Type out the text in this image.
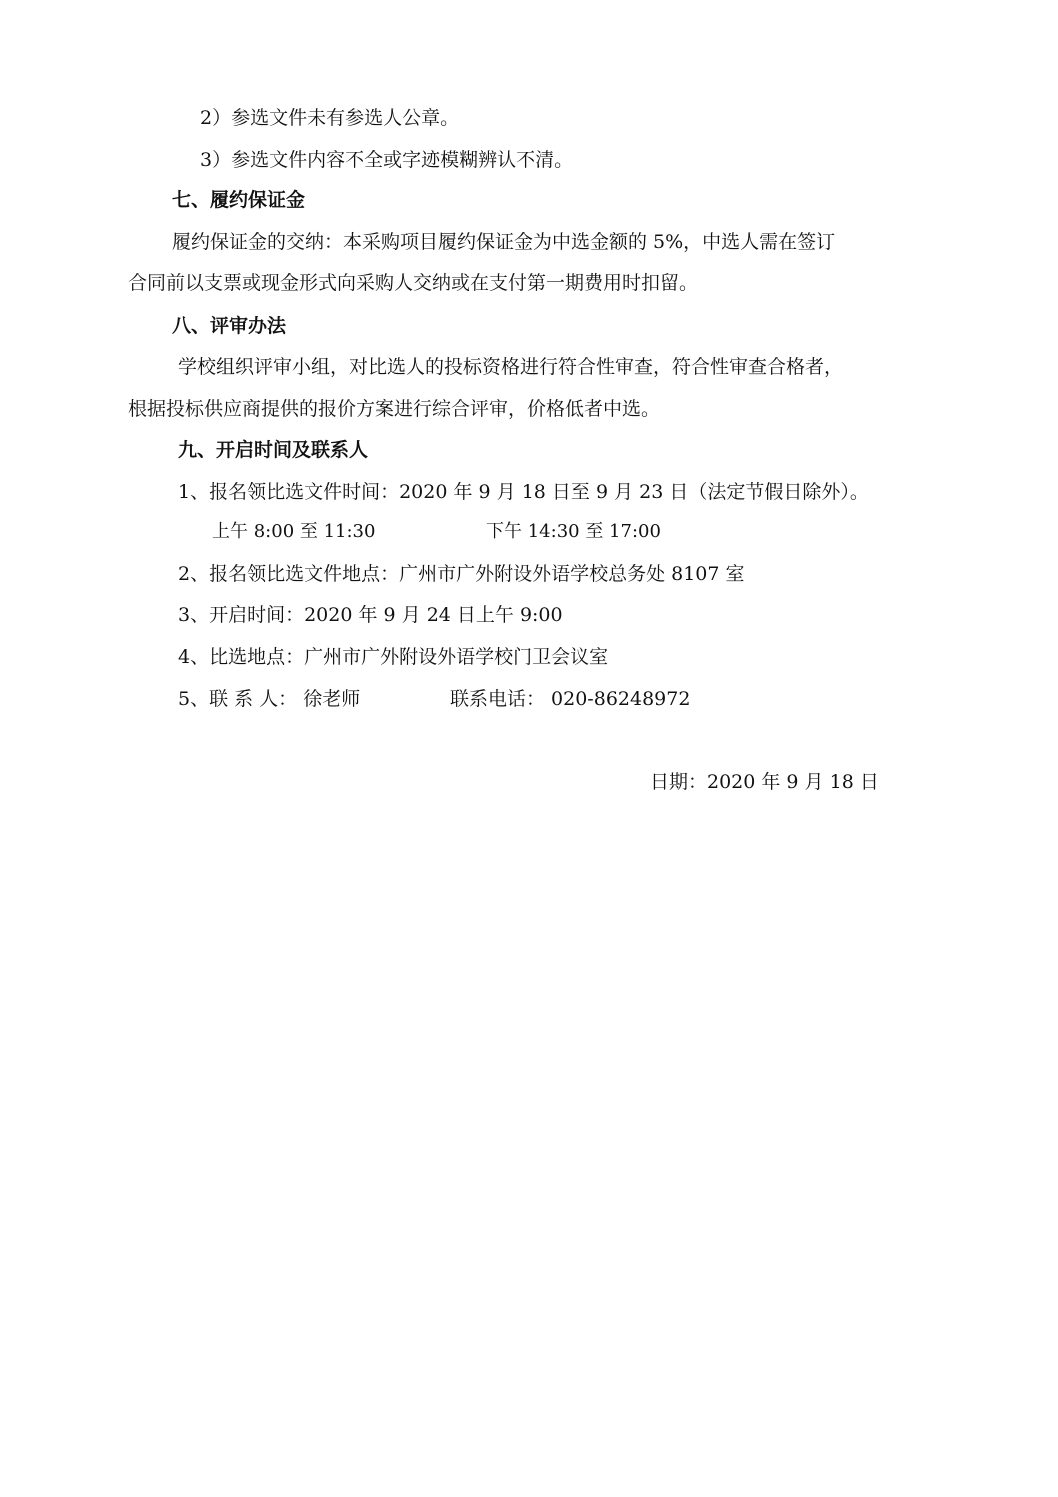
2）参选文件未有参选人公章。
3）参选文件内容不全或字迹模糊辨认不清。
七、履约保证金
履约保证金的交纳：本采购项目履约保证金为中选金额的 5%，中选人需在签订
合同前以支票或现金形式向采购人交纳或在支付第一期费用时扣留。
八、评审办法
学校组织评审小组，对比选人的投标资格进行符合性审查，符合性审查合格者，
根据投标供应商提供的报价方案进行综合评审，价格低者中选。
九、开启时间及联系人
1、报名领比选文件时间：2020 年 9 月 18 日至 9 月 23 日（法定节假日除外）。
上午 8:00 至 11:30	下午 14:30 至 17:00
2、报名领比选文件地点：广州市广外附设外语学校总务处 8107 室
3、开启时间：2020 年 9 月 24 日上午 9:00
4、比选地点：广州市广外附设外语学校门卫会议室
5、联 系 人： 徐老师	联系电话： 020-86248972
日期：2020 年 9 月 18 日
